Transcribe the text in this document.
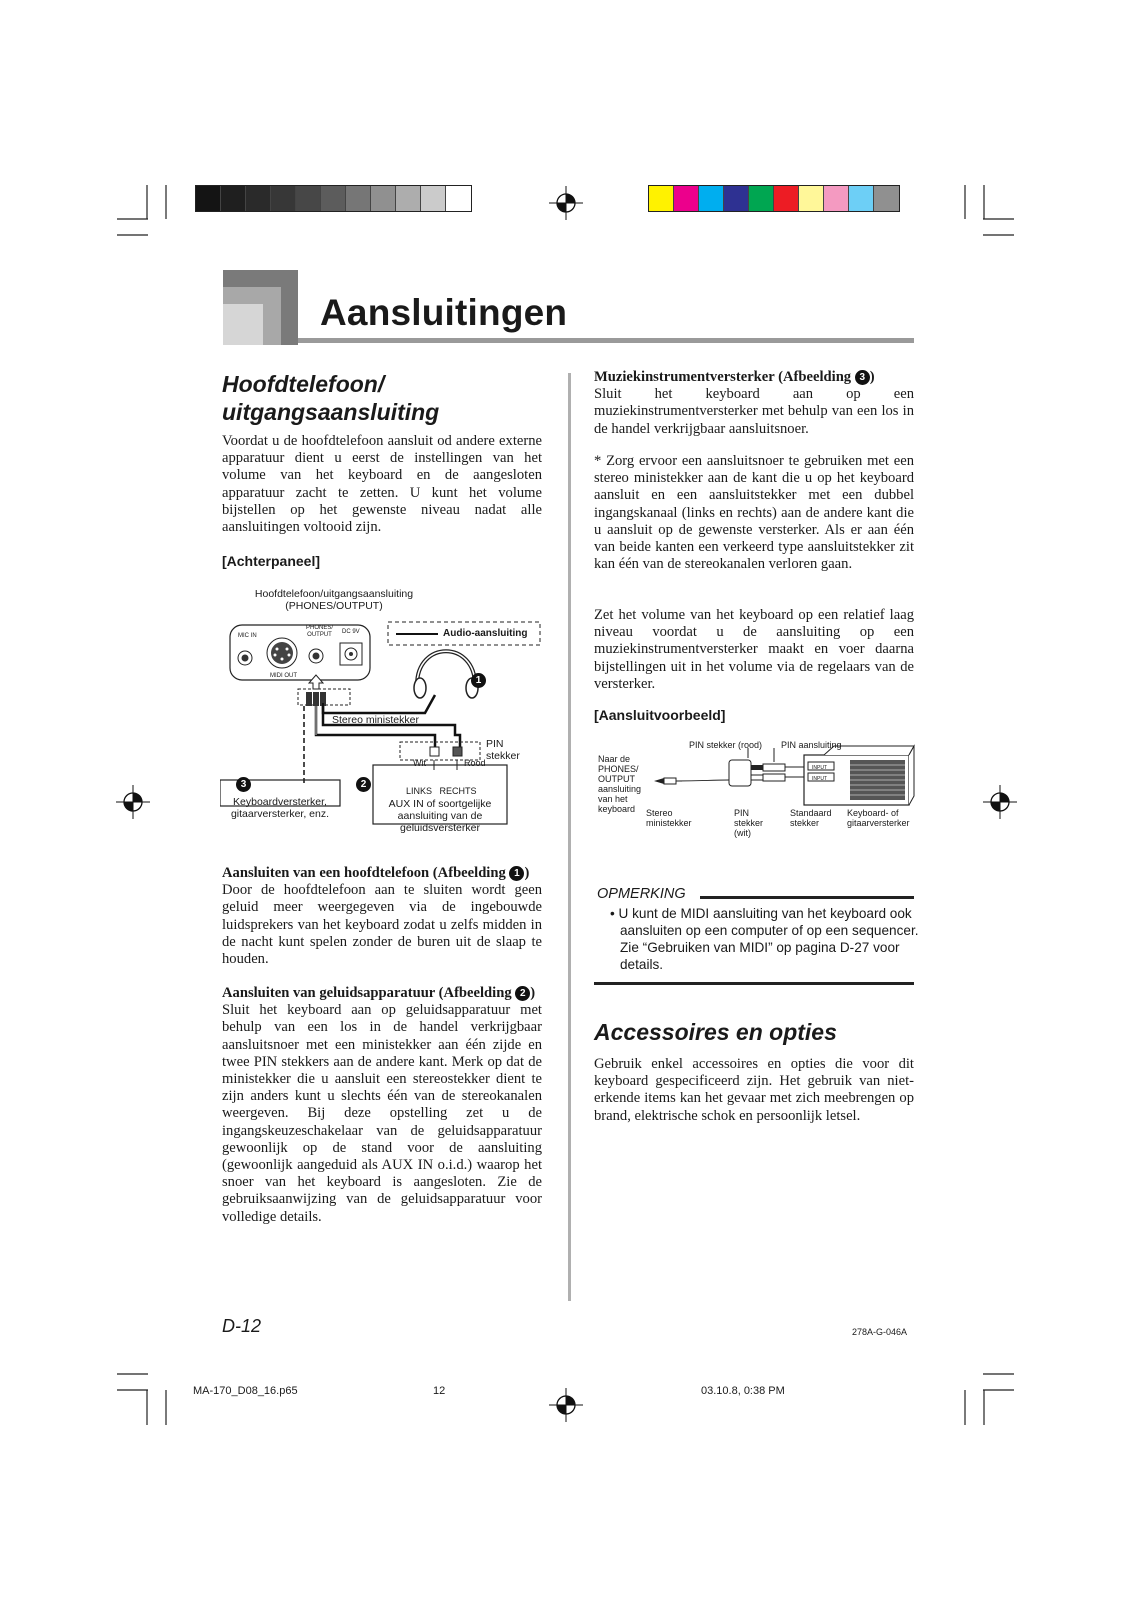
Aansluitingen
Hoofdtelefoon/
uitgangsaansluiting
Voordat u de hoofdtelefoon aansluit od andere externe apparatuur dient u eerst de instellingen van het volume van het keyboard en de aangesloten apparatuur zacht te zetten. U kunt het volume bijstellen op het gewenste niveau nadat alle aansluitingen voltooid zijn.
[Achterpaneel]
Hoofdtelefoon/uitgangsaansluiting
(PHONES/OUTPUT)
MIC IN
PHONES/
OUTPUT DC 9V
MIDI OUT
Audio-aansluiting
Stereo ministekker
1
PIN
stekker
Wit	Rood
LINKS   RECHTS
AUX IN of soortgelijke
aansluiting van de
geluidsversterker
2
3
Keyboardversterker,
gitaarversterker, enz.
Aansluiten van een hoofdtelefoon (Afbeelding 1 )

Door de hoofdtelefoon aan te sluiten wordt geen geluid meer weergegeven via de ingebouwde luidsprekers van het keyboard zodat u zelfs midden in de nacht kunt spelen zonder de buren uit de slaap te houden.

Aansluiten van geluidsapparatuur (Afbeelding 2 )

Sluit het keyboard aan op geluidsapparatuur met behulp van een los in de handel verkrijgbaar aansluitsnoer met een ministekker aan één zijde en twee PIN stekkers aan de andere kant. Merk op dat de ministekker die u aansluit een stereostekker dient te zijn anders kunt u slechts één van de stereokanalen weergeven. Bij deze opstelling zet u de ingangskeuzeschakelaar van de geluidsapparatuur gewoonlijk op de stand voor de aansluiting (gewoonlijk aangeduid als AUX IN o.i.d.) waarop het snoer van het keyboard is aangesloten. Zie de gebruiksaanwijzing van de geluidsapparatuur voor volledige details.

Muziekinstrumentversterker (Afbeelding 3 )

Sluit het keyboard aan op een muziekinstrumentversterker met behulp van een los in de handel verkrijgbaar aansluitsnoer.

* Zorg ervoor een aansluitsnoer te gebruiken met een stereo ministekker aan de kant die u op het keyboard aansluit en een aansluitstekker met een dubbel ingangskanaal (links en rechts) aan de andere kant die u aansluit op de gewenste versterker. Als er aan één van beide kanten een verkeerd type aansluitstekker zit kan één van de stereokanalen verloren gaan.
Zet het volume van het keyboard op een relatief laag niveau voordat u de aansluiting op een muziekinstrumentversterker maakt en voer daarna bijstellingen uit in het volume via de regelaars van de versterker.
[Aansluitvoorbeeld]
Naar de
PHONES/
OUTPUT
aansluiting
van het
keyboard
PIN stekker (rood) PIN aansluiting
INPUT
INPUT
Stereo
ministekker
PIN
stekker
(wit)
Standaard
stekker
Keyboard- of
gitaarversterker
OPMERKING
• U kunt de MIDI aansluiting van het keyboard ook aansluiten op een computer of op een sequencer. Zie “Gebruiken van MIDI” op pagina D-27 voor details.
Accessoires en opties
Gebruik enkel accessoires en opties die voor dit keyboard gespecificeerd zijn. Het gebruik van niet-erkende items kan het gevaar met zich meebrengen op brand, elektrische schok en persoonlijk letsel.
D-12	278A-G-046A
MA-170_D08_16.p65	12	03.10.8, 0:38 PM
